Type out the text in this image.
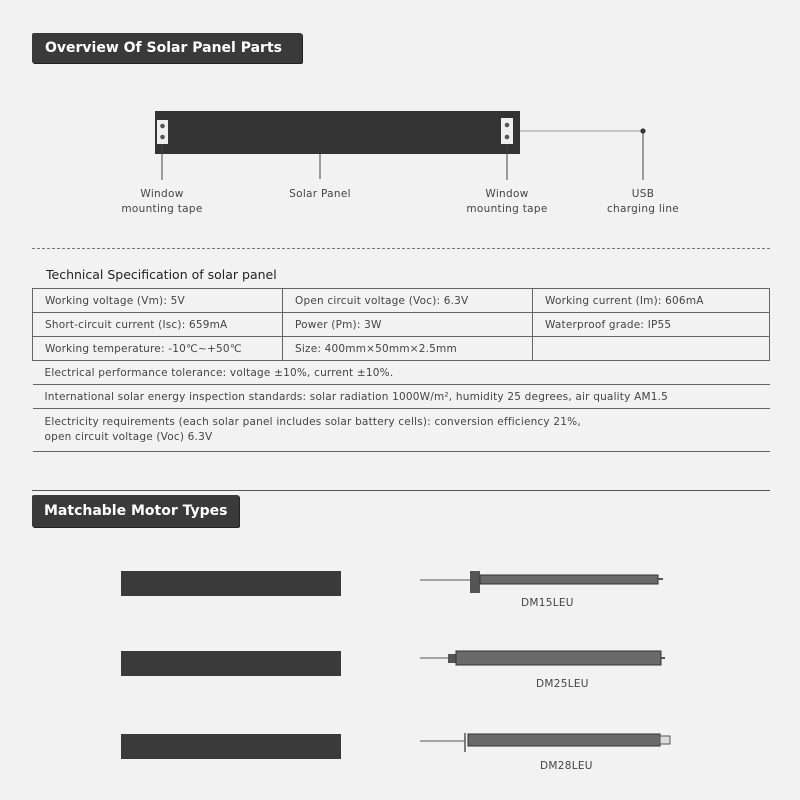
Overview Of Solar Panel Parts
Window
mounting tape
Solar Panel	Window
mounting tape
USB
charging line
Technical Specification of solar panel
Working voltage (Vm): 5V	Open circuit voltage (Voc): 6.3V	Working current (Im): 606mA
Short-circuit current (Isc): 659mA	Power (Pm): 3W	Waterproof grade: IP55
Working temperature: -10℃~+50℃	Size: 400mm×50mm×2.5mm	
Electrical performance tolerance: voltage ±10%, current ±10%.		
International solar energy inspection standards: solar radiation 1000W/m², humidity 25 degrees, air quality AM1.5		

Electricity requirements (each solar panel includes solar battery cells): conversion efficiency 21%,
open circuit voltage (Voc) 6.3V		
Matchable Motor Types
DM15LEU
DM25LEU
DM28LEU
